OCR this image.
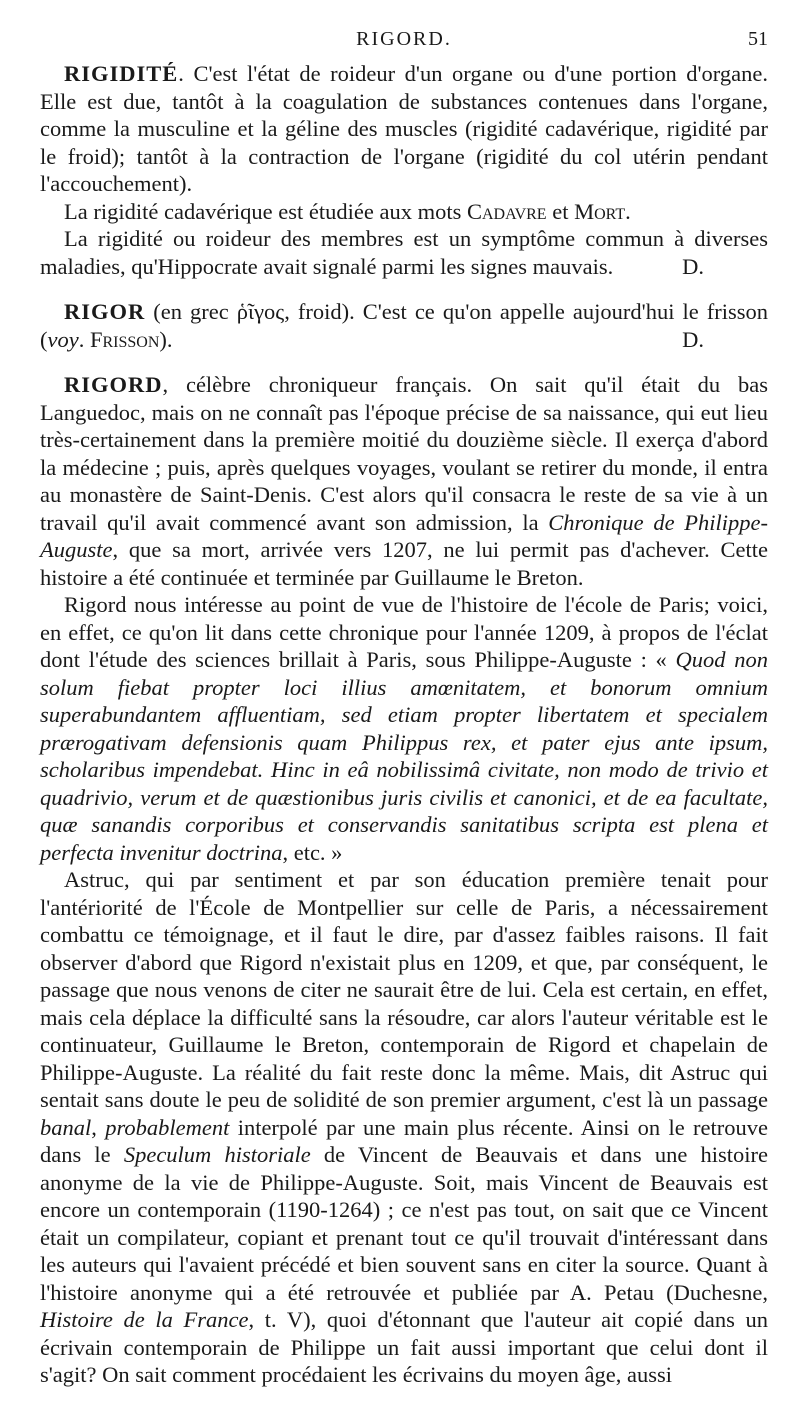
RIGORD.	51

RIGIDITÉ. C'est l'état de roideur d'un organe ou d'une portion d'organe. Elle est due, tantôt à la coagulation de substances contenues dans l'organe, comme la musculine et la géline des muscles (rigidité cadavérique, rigidité par le froid); tantôt à la contraction de l'organe (rigidité du col utérin pendant l'accouchement).

La rigidité cadavérique est étudiée aux mots Cadavre et Mort.

La rigidité ou roideur des membres est un symptôme commun à diverses maladies, qu'Hippocrate avait signalé parmi les signes mauvais.	D.

RIGOR (en grec ῥῖγος, froid). C'est ce qu'on appelle aujourd'hui le frisson (voy. Frisson).	D.

RIGORD, célèbre chroniqueur français. On sait qu'il était du bas Languedoc, mais on ne connaît pas l'époque précise de sa naissance, qui eut lieu très-certainement dans la première moitié du douzième siècle. Il exerça d'abord la médecine ; puis, après quelques voyages, voulant se retirer du monde, il entra au monastère de Saint-Denis. C'est alors qu'il consacra le reste de sa vie à un travail qu'il avait commencé avant son admission, la Chronique de Philippe-Auguste, que sa mort, arrivée vers 1207, ne lui permit pas d'achever. Cette histoire a été continuée et terminée par Guillaume le Breton.

Rigord nous intéresse au point de vue de l'histoire de l'école de Paris; voici, en effet, ce qu'on lit dans cette chronique pour l'année 1209, à propos de l'éclat dont l'étude des sciences brillait à Paris, sous Philippe-Auguste : « Quod non solum fiebat propter loci illius amœnitatem, et bonorum omnium superabundantem affluentiam, sed etiam propter libertatem et specialem prærogativam defensionis quam Philippus rex, et pater ejus ante ipsum, scholaribus impendebat. Hinc in eâ nobilissimâ civitate, non modo de trivio et quadrivio, verum et de quæstionibus juris civilis et canonici, et de ea facultate, quæ sanandis corporibus et conservandis sanitatibus scripta est plena et perfecta invenitur doctrina, etc. »

Astruc, qui par sentiment et par son éducation première tenait pour l'antériorité de l'École de Montpellier sur celle de Paris, a nécessairement combattu ce témoignage, et il faut le dire, par d'assez faibles raisons. Il fait observer d'abord que Rigord n'existait plus en 1209, et que, par conséquent, le passage que nous venons de citer ne saurait être de lui. Cela est certain, en effet, mais cela déplace la difficulté sans la résoudre, car alors l'auteur véritable est le continuateur, Guillaume le Breton, contemporain de Rigord et chapelain de Philippe-Auguste. La réalité du fait reste donc la même. Mais, dit Astruc qui sentait sans doute le peu de solidité de son premier argument, c'est là un passage banal, probablement interpolé par une main plus récente. Ainsi on le retrouve dans le Speculum historiale de Vincent de Beauvais et dans une histoire anonyme de la vie de Philippe-Auguste. Soit, mais Vincent de Beauvais est encore un contemporain (1190-1264) ; ce n'est pas tout, on sait que ce Vincent était un compilateur, copiant et prenant tout ce qu'il trouvait d'intéressant dans les auteurs qui l'avaient précédé et bien souvent sans en citer la source. Quant à l'histoire anonyme qui a été retrouvée et publiée par A. Petau (Duchesne, Histoire de la France, t. V), quoi d'étonnant que l'auteur ait copié dans un écrivain contemporain de Philippe un fait aussi important que celui dont il s'agit? On sait comment procédaient les écrivains du moyen âge, aussi
